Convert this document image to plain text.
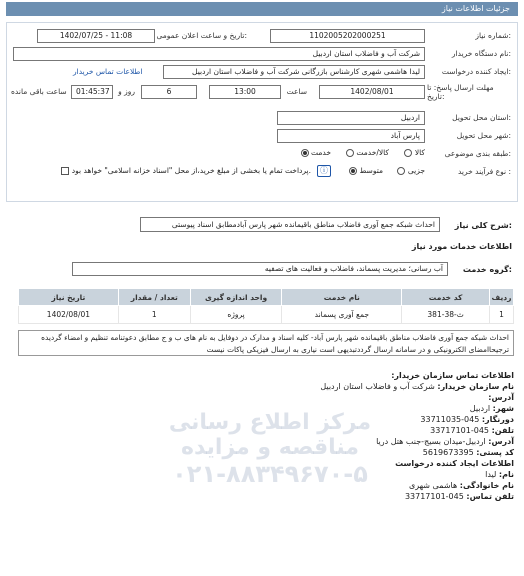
جزئیات اطلاعات نیاز
شماره نیاز:
1102005202000251
تاریخ و ساعت اعلان عمومی:
1402/07/25 - 11:08
نام دستگاه خریدار:
شرکت آب و فاضلاب استان اردبیل
ایجاد کننده درخواست:
لیدا هاشمی شهری کارشناس بازرگانی شرکت آب و فاضلاب استان اردبیل
اطلاعات تماس خریدار
مهلت ارسال پاسخ: تا تاریخ:
1402/08/01
ساعت
13:00
6
روز و
01:45:37
ساعت باقی مانده
استان محل تحویل:
اردبیل
شهر محل تحویل:
پارس آباد
طبقه بندی موضوعی:
کالا
کالا/خدمت
خدمت
نوع فرآیند خرید :
جزیی
متوسط
ⓘ
پرداخت تمام یا بخشی از مبلغ خرید،از محل "اسناد خزانه اسلامی" خواهد بود.
شرح کلی نیاز:
احداث شبکه جمع آوری فاضلاب مناطق باقیمانده شهر پارس آبادمطابق اسناد پیوستی
اطلاعات خدمات مورد نیاز
گروه خدمت:
آب رسانی؛ مدیریت پسماند، فاضلاب و فعالیت های تصفیه
ردیف	کد خدمت	نام خدمت	واحد اندازه گیری	تعداد / مقدار	تاریخ نیاز
1	ث-38-381	جمع آوری پسماند	پروژه	1	1402/08/01
احداث شبکه جمع آوری فاضلاب مناطق باقیمانده شهر پارس آباد- کلیه اسناد و مدارک در دوفایل به نام های ب و ج مطابق دعوتنامه تنظیم و امضاء گردیده ترجیحاامضای الکترونیکی و در سامانه ارسال گرددتبدیهی است نیاری به ارسال فیزیکی پاکات نیست
مرکز اطلاع رسانی
مناقصه و مزایده
۰۲۱-۸۸۳۴۹۶۷۰-۵
اطلاعات تماس سازمان خریدار:
نام سازمان خریدار: شرکت آب و فاضلاب استان اردبیل
آدرس:
شهر: اردبیل
دورنگار: 045-33711035
تلفن: 045-33717101
آدرس: اردبیل-میدان بسیج-جنب هتل دریا
کد پستی: 5619673395
اطلاعات ایجاد کننده درخواست
نام: لیدا
نام خانوادگی: هاشمی شهری
تلفن تماس: 045-33717101
